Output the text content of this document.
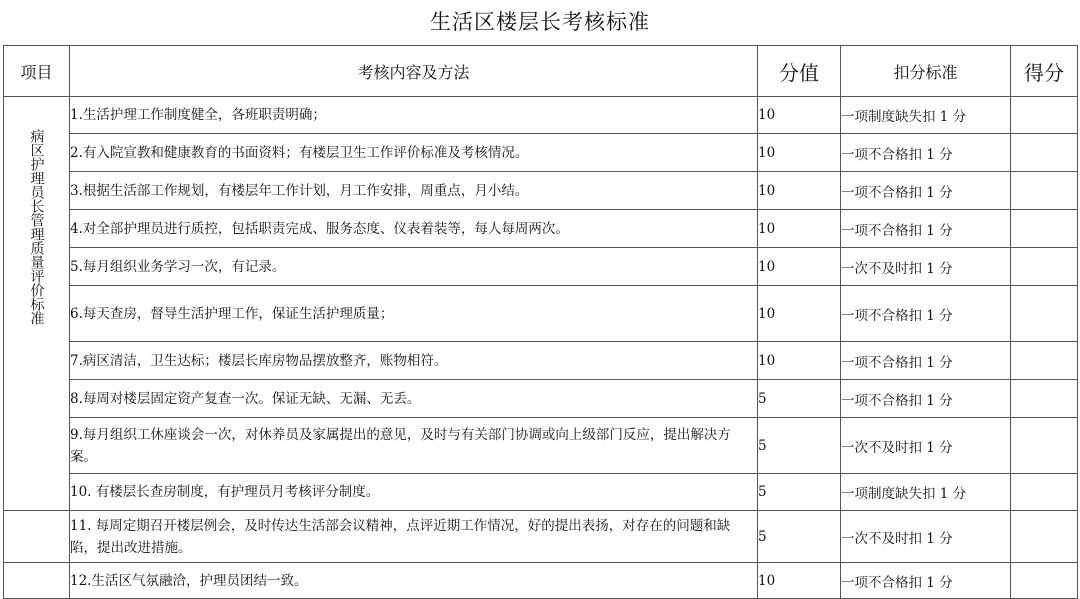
生活区楼层长考核标准
项目	考核内容及方法	分值	扣分标准	得分
病区护理员长管理质量评价标准	1.生活护理工作制度健全，各班职责明确；	10	一项制度缺失扣 1 分	
	2.有入院宣教和健康教育的书面资料；有楼层卫生工作评价标准及考核情况。	10	一项不合格扣 1 分	
	3.根据生活部工作规划，有楼层年工作计划，月工作安排，周重点，月小结。	10	一项不合格扣 1 分	
	4.对全部护理员进行质控，包括职责完成、服务态度、仪表着装等，每人每周两次。	10	一项不合格扣 1 分	
	5.每月组织业务学习一次，有记录。	10	一次不及时扣 1 分	
	6.每天查房，督导生活护理工作，保证生活护理质量；	10	一项不合格扣 1 分	
	7.病区清洁，卫生达标；楼层长库房物品摆放整齐，账物相符。	10	一项不合格扣 1 分	
	8.每周对楼层固定资产复查一次。保证无缺、无漏、无丢。	5	一项不合格扣 1 分	
	9.每月组织工休座谈会一次，对休养员及家属提出的意见，及时与有关部门协调或向上级部门反应，提出解决方案。	5	一次不及时扣 1 分	
	10. 有楼层长查房制度，有护理员月考核评分制度。	5	一项制度缺失扣 1 分	
	11. 每周定期召开楼层例会，及时传达生活部会议精神，点评近期工作情况，好的提出表扬，对存在的问题和缺陷，提出改进措施。	5	一次不及时扣 1 分	
	12.生活区气氛融洽，护理员团结一致。	10	一项不合格扣 1 分	
